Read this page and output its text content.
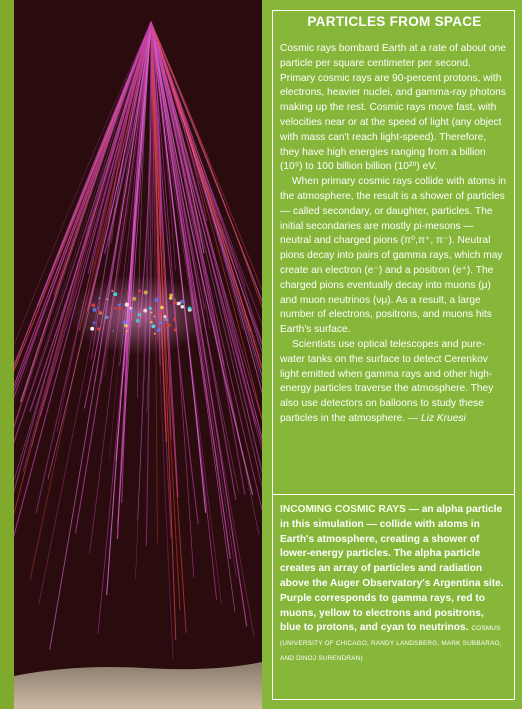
PARTICLES FROM SPACE

Cosmic rays bombard Earth at a rate of about one particle per square centimeter per second. Primary cosmic rays are 90-percent protons, with electrons, heavier nuclei, and gamma-ray photons making up the rest. Cosmic rays move fast, with velocities near or at the speed of light (any object with mass can't reach light-speed). Therefore, they have high energies ranging from a billion (10⁹) to 100 billion billion (10²⁰) eV.

When primary cosmic rays collide with atoms in the atmosphere, the result is a shower of particles — called secondary, or daughter, particles. The initial secondaries are mostly pi-mesons — neutral and charged pions (π⁰,π⁺, π⁻). Neutral pions decay into pairs of gamma rays, which may create an electron (e⁻) and a positron (e⁺). The charged pions eventually decay into muons (μ) and muon neutrinos (νμ). As a result, a large number of electrons, positrons, and muons hits Earth's surface.

Scientists use optical telescopes and pure-water tanks on the surface to detect Cerenkov light emitted when gamma rays and other high-energy particles traverse the atmosphere. They also use detectors on balloons to study these particles in the atmosphere. — Liz Kruesi

INCOMING COSMIC RAYS — an alpha particle in this simulation — collide with atoms in Earth's atmosphere, creating a shower of lower-energy particles. The alpha particle creates an array of particles and radiation above the Auger Observatory's Argentina site. Purple corresponds to gamma rays, red to muons, yellow to electrons and positrons, blue to protons, and cyan to neutrinos. COSMUS (UNIVERSITY OF CHICAGO, RANDY LANDSBERG, MARK SUBBARAO, AND DINOJ SURENDRAN)
